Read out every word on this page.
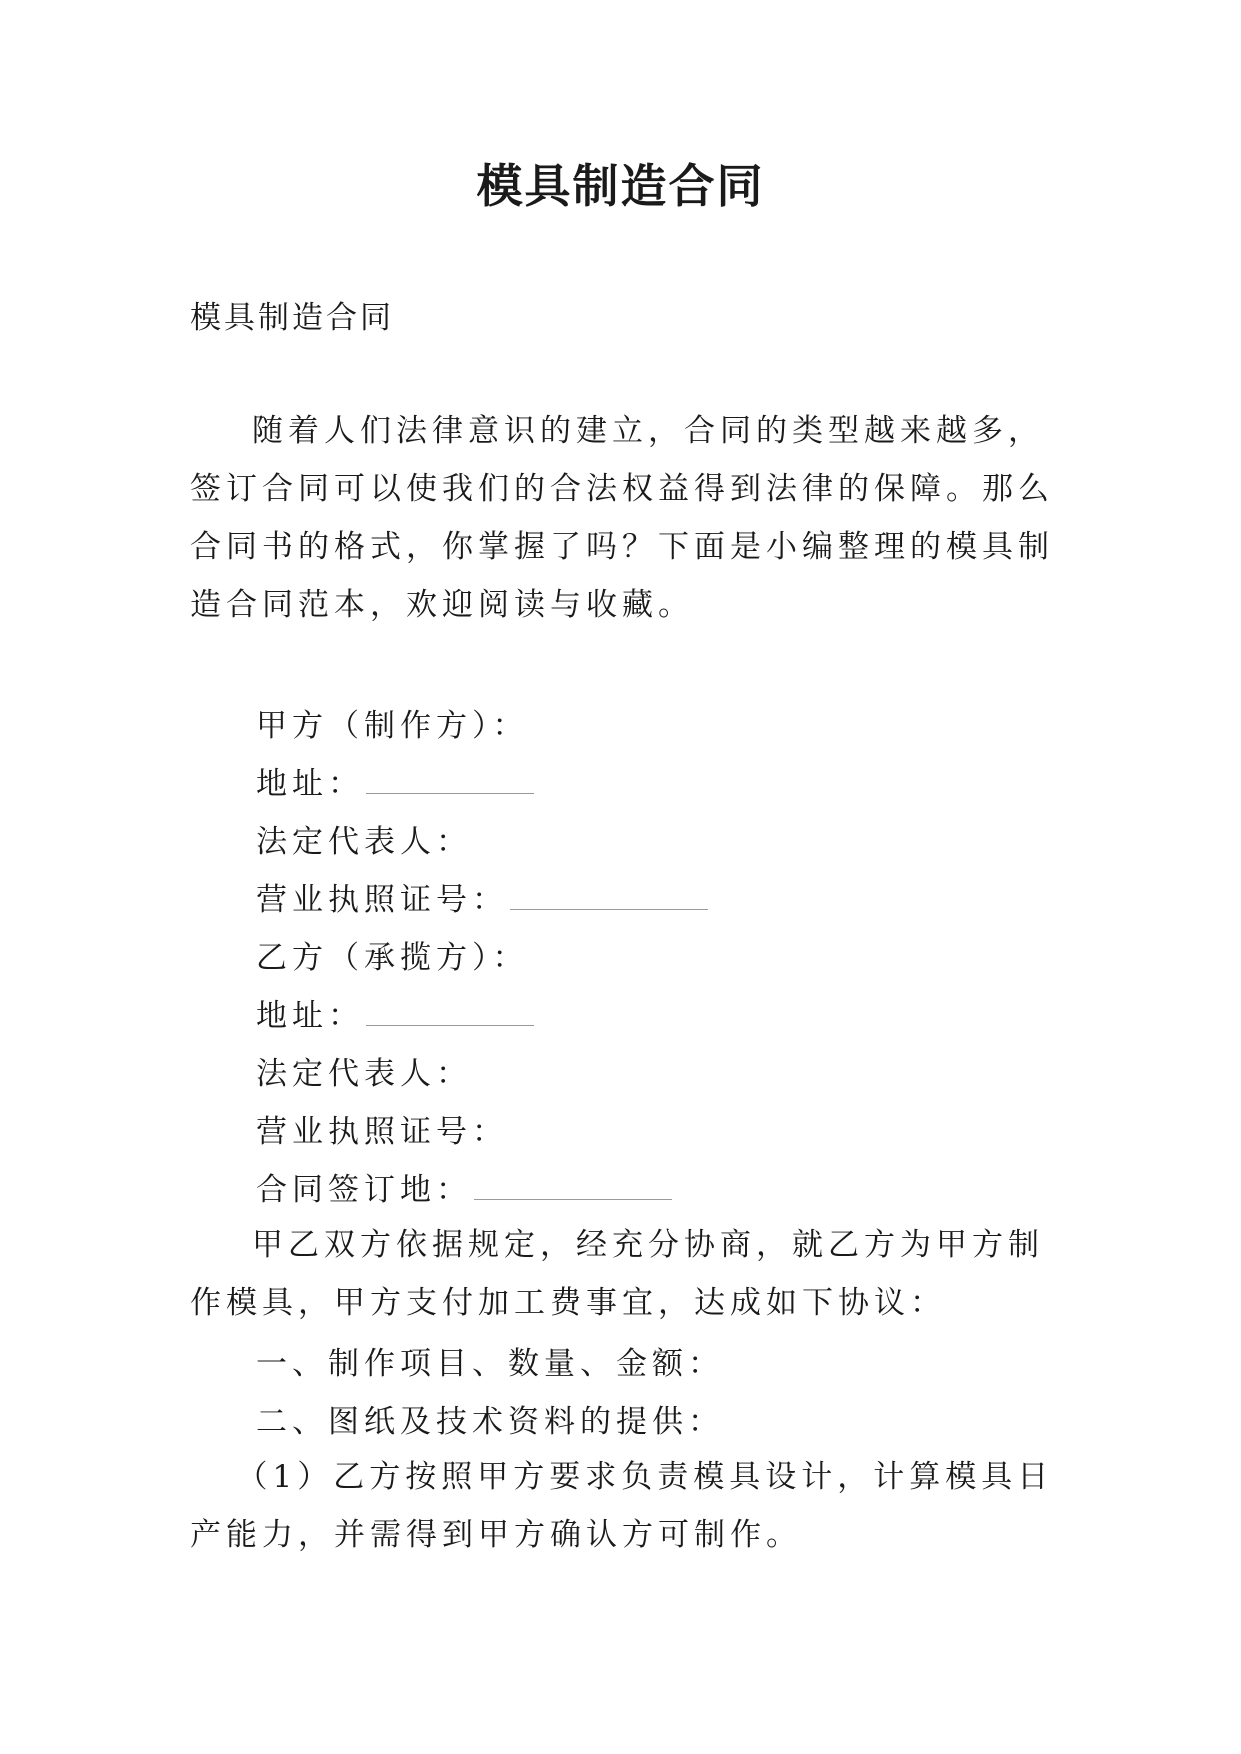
模具制造合同
模具制造合同

随着人们法律意识的建立，合同的类型越来越多，签订合同可以使我们的合法权益得到法律的保障。那么合同书的格式，你掌握了吗？下面是小编整理的模具制造合同范本，欢迎阅读与收藏。

甲方（制作方）：
地址：
法定代表人：
营业执照证号：
乙方（承揽方）：
地址：
法定代表人：
营业执照证号：
合同签订地：

甲乙双方依据规定，经充分协商，就乙方为甲方制作模具，甲方支付加工费事宜，达成如下协议：

一、制作项目、数量、金额：
二、图纸及技术资料的提供：

（1）乙方按照甲方要求负责模具设计，计算模具日产能力，并需得到甲方确认方可制作。
